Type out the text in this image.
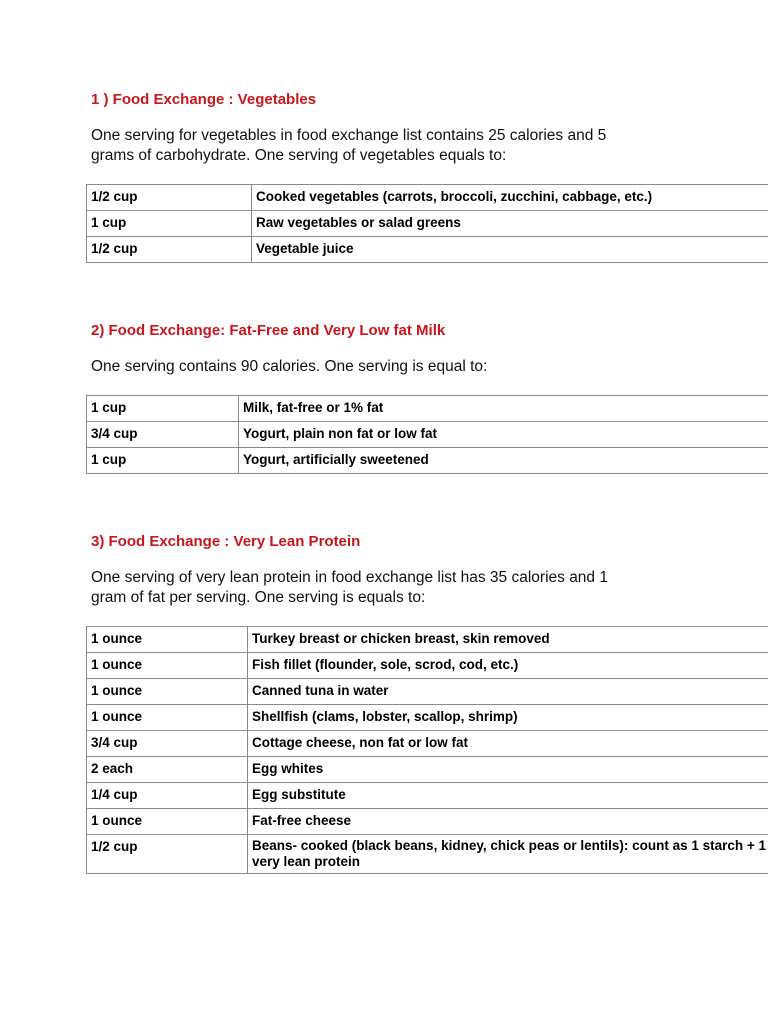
1 ) Food Exchange : Vegetables
One serving for vegetables in food exchange list contains 25 calories and 5
grams of carbohydrate. One serving of vegetables equals to:
1/2 cup	Cooked vegetables (carrots, broccoli, zucchini, cabbage, etc.)
1 cup	Raw vegetables or salad greens
1/2 cup	Vegetable juice
2) Food Exchange: Fat-Free and Very Low fat Milk
One serving contains 90 calories. One serving is equal to:
1 cup	Milk, fat-free or 1% fat
3/4 cup	Yogurt, plain non fat or low fat
1 cup	Yogurt, artificially sweetened
3) Food Exchange : Very Lean Protein
One serving of very lean protein in food exchange list has 35 calories and 1
gram of fat per serving. One serving is equals to:
1 ounce	Turkey breast or chicken breast, skin removed
1 ounce	Fish fillet (flounder, sole, scrod, cod, etc.)
1 ounce	Canned tuna in water
1 ounce	Shellfish (clams, lobster, scallop, shrimp)
3/4 cup	Cottage cheese, non fat or low fat
2 each	Egg whites
1/4 cup	Egg substitute
1 ounce	Fat-free cheese
1/2 cup	Beans- cooked (black beans, kidney, chick peas or lentils): count as 1 starch + 1 very lean protein
